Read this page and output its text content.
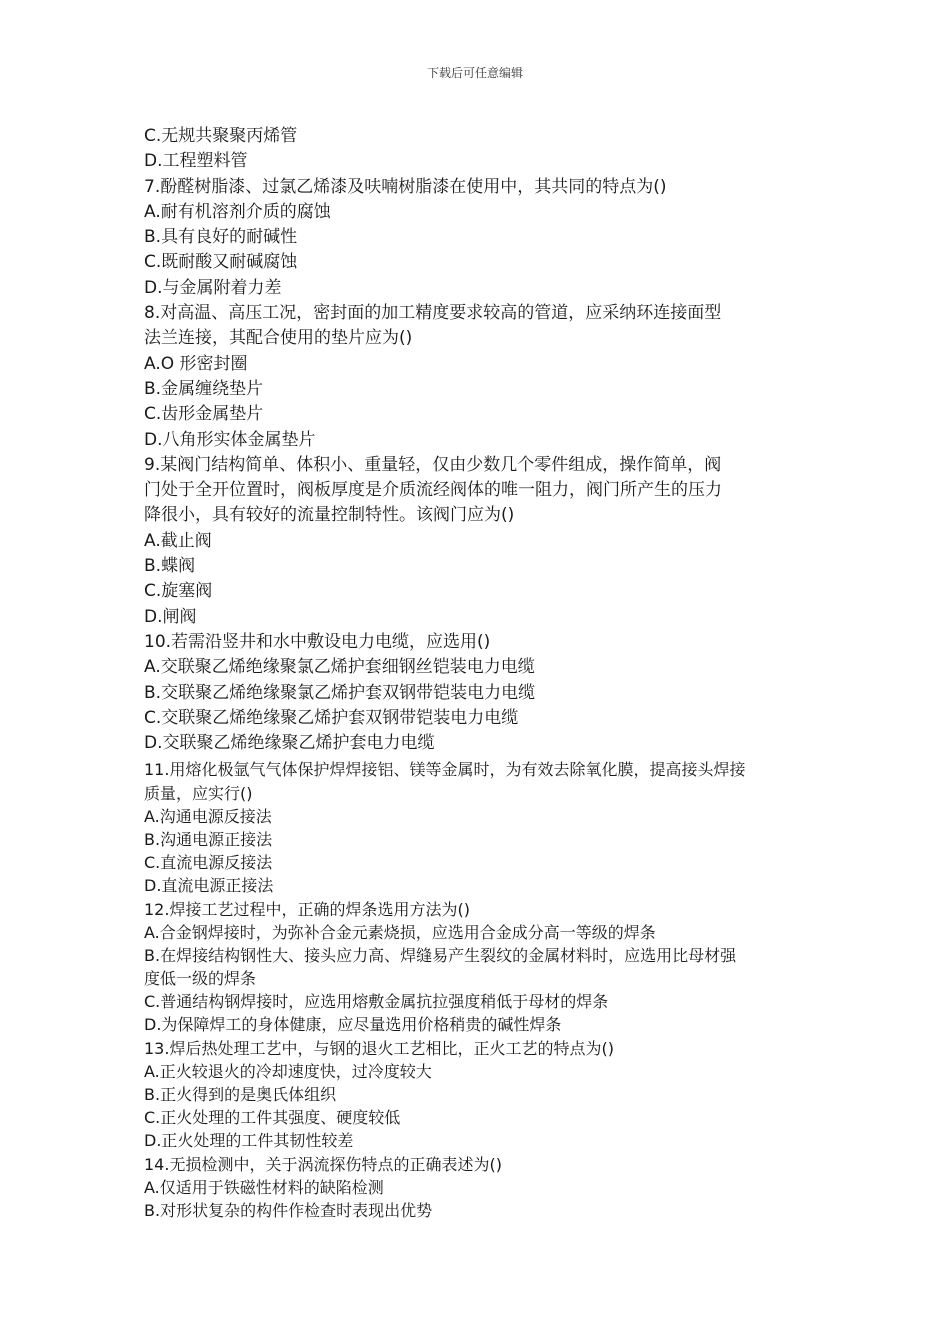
下载后可任意编辑
C.无规共聚聚丙烯管
D.工程塑料管
7.酚醛树脂漆、过氯乙烯漆及呋喃树脂漆在使用中，其共同的特点为()
A.耐有机溶剂介质的腐蚀
B.具有良好的耐碱性
C.既耐酸又耐碱腐蚀
D.与金属附着力差
8.对高温、高压工况，密封面的加工精度要求较高的管道，应采纳环连接面型
法兰连接，其配合使用的垫片应为()
A.O 形密封圈
B.金属缠绕垫片
C.齿形金属垫片
D.八角形实体金属垫片
9.某阀门结构简单、体积小、重量轻，仅由少数几个零件组成，操作简单，阀
门处于全开位置时，阀板厚度是介质流经阀体的唯一阻力，阀门所产生的压力
降很小，具有较好的流量控制特性。该阀门应为()
A.截止阀
B.蝶阀
C.旋塞阀
D.闸阀
10.若需沿竖井和水中敷设电力电缆，应选用()
A.交联聚乙烯绝缘聚氯乙烯护套细钢丝铠装电力电缆
B.交联聚乙烯绝缘聚氯乙烯护套双钢带铠装电力电缆
C.交联聚乙烯绝缘聚乙烯护套双钢带铠装电力电缆
D.交联聚乙烯绝缘聚乙烯护套电力电缆
11.用熔化极氩气气体保护焊焊接铝、镁等金属时，为有效去除氧化膜，提高接头焊接
质量，应实行()
A.沟通电源反接法
B.沟通电源正接法
C.直流电源反接法
D.直流电源正接法
12.焊接工艺过程中，正确的焊条选用方法为()
A.合金钢焊接时，为弥补合金元素烧损，应选用合金成分高一等级的焊条
B.在焊接结构钢性大、接头应力高、焊缝易产生裂纹的金属材料时，应选用比母材强
度低一级的焊条
C.普通结构钢焊接时，应选用熔敷金属抗拉强度稍低于母材的焊条
D.为保障焊工的身体健康，应尽量选用价格稍贵的碱性焊条
13.焊后热处理工艺中，与钢的退火工艺相比，正火工艺的特点为()
A.正火较退火的冷却速度快，过冷度较大
B.正火得到的是奥氏体组织
C.正火处理的工件其强度、硬度较低
D.正火处理的工件其韧性较差
14.无损检测中，关于涡流探伤特点的正确表述为()
A.仅适用于铁磁性材料的缺陷检测
B.对形状复杂的构件作检查时表现出优势
